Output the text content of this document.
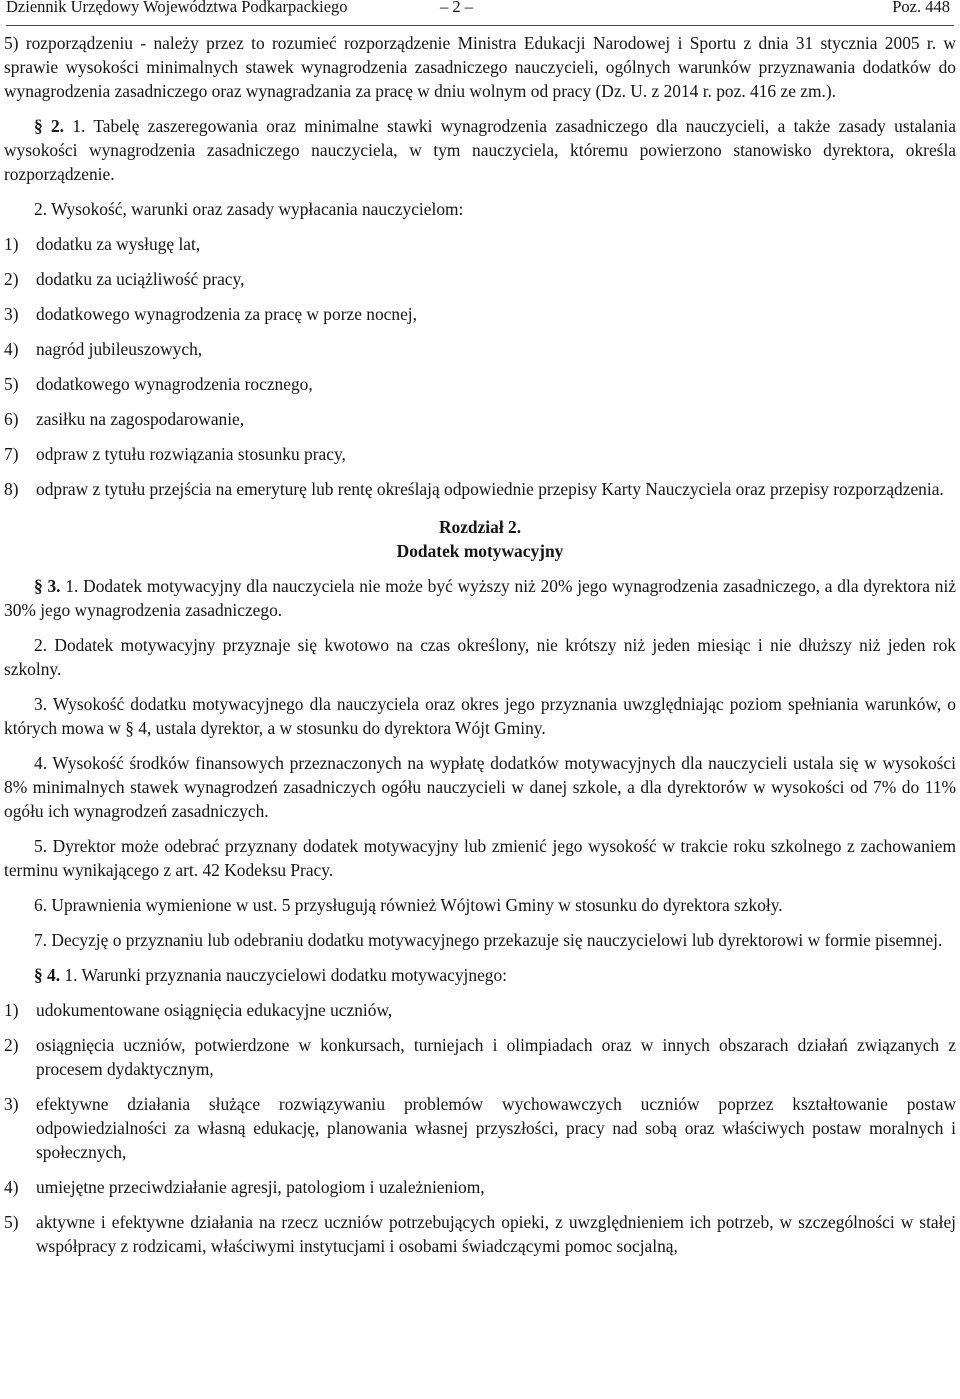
Dziennik Urzędowy Województwa Podkarpackiego	– 2 –	Poz. 448

5) rozporządzeniu - należy przez to rozumieć rozporządzenie Ministra Edukacji Narodowej i Sportu z dnia 31 stycznia 2005 r. w sprawie wysokości minimalnych stawek wynagrodzenia zasadniczego nauczycieli, ogólnych warunków przyznawania dodatków do wynagrodzenia zasadniczego oraz wynagradzania za pracę w dniu wolnym od pracy (Dz. U. z 2014 r. poz. 416 ze zm.).

§ 2. 1. Tabelę zaszeregowania oraz minimalne stawki wynagrodzenia zasadniczego dla nauczycieli, a także zasady ustalania wysokości wynagrodzenia zasadniczego nauczyciela, w tym nauczyciela, któremu powierzono stanowisko dyrektora, określa rozporządzenie.

2. Wysokość, warunki oraz zasady wypłacania nauczycielom:

1) dodatku za wysługę lat,
2) dodatku za uciążliwość pracy,
3) dodatkowego wynagrodzenia za pracę w porze nocnej,
4) nagród jubileuszowych,
5) dodatkowego wynagrodzenia rocznego,
6) zasiłku na zagospodarowanie,
7) odpraw z tytułu rozwiązania stosunku pracy,
8) odpraw z tytułu przejścia na emeryturę lub rentę określają odpowiednie przepisy Karty Nauczyciela oraz przepisy rozporządzenia.
Rozdział 2.
Dodatek motywacyjny

§ 3. 1. Dodatek motywacyjny dla nauczyciela nie może być wyższy niż 20% jego wynagrodzenia zasadniczego, a dla dyrektora niż 30% jego wynagrodzenia zasadniczego.

2. Dodatek motywacyjny przyznaje się kwotowo na czas określony, nie krótszy niż jeden miesiąc i nie dłuższy niż jeden rok szkolny.

3. Wysokość dodatku motywacyjnego dla nauczyciela oraz okres jego przyznania uwzględniając poziom spełniania warunków, o których mowa w § 4, ustala dyrektor, a w stosunku do dyrektora Wójt Gminy.

4. Wysokość środków finansowych przeznaczonych na wypłatę dodatków motywacyjnych dla nauczycieli ustala się w wysokości 8% minimalnych stawek wynagrodzeń zasadniczych ogółu nauczycieli w danej szkole, a dla dyrektorów w wysokości od 7% do 11% ogółu ich wynagrodzeń zasadniczych.

5. Dyrektor może odebrać przyznany dodatek motywacyjny lub zmienić jego wysokość w trakcie roku szkolnego z zachowaniem terminu wynikającego z art. 42 Kodeksu Pracy.

6. Uprawnienia wymienione w ust. 5 przysługują również Wójtowi Gminy w stosunku do dyrektora szkoły.

7. Decyzję o przyznaniu lub odebraniu dodatku motywacyjnego przekazuje się nauczycielowi lub dyrektorowi w formie pisemnej.

§ 4. 1. Warunki przyznania nauczycielowi dodatku motywacyjnego:

1) udokumentowane osiągnięcia edukacyjne uczniów,
2) osiągnięcia uczniów, potwierdzone w konkursach, turniejach i olimpiadach oraz w innych obszarach działań związanych z procesem dydaktycznym,
3) efektywne działania służące rozwiązywaniu problemów wychowawczych uczniów poprzez kształtowanie postaw odpowiedzialności za własną edukację, planowania własnej przyszłości, pracy nad sobą oraz właściwych postaw moralnych i społecznych,
4) umiejętne przeciwdziałanie agresji, patologiom i uzależnieniom,
5) aktywne i efektywne działania na rzecz uczniów potrzebujących opieki, z uwzględnieniem ich potrzeb, w szczególności w stałej współpracy z rodzicami, właściwymi instytucjami i osobami świadczącymi pomoc socjalną,
